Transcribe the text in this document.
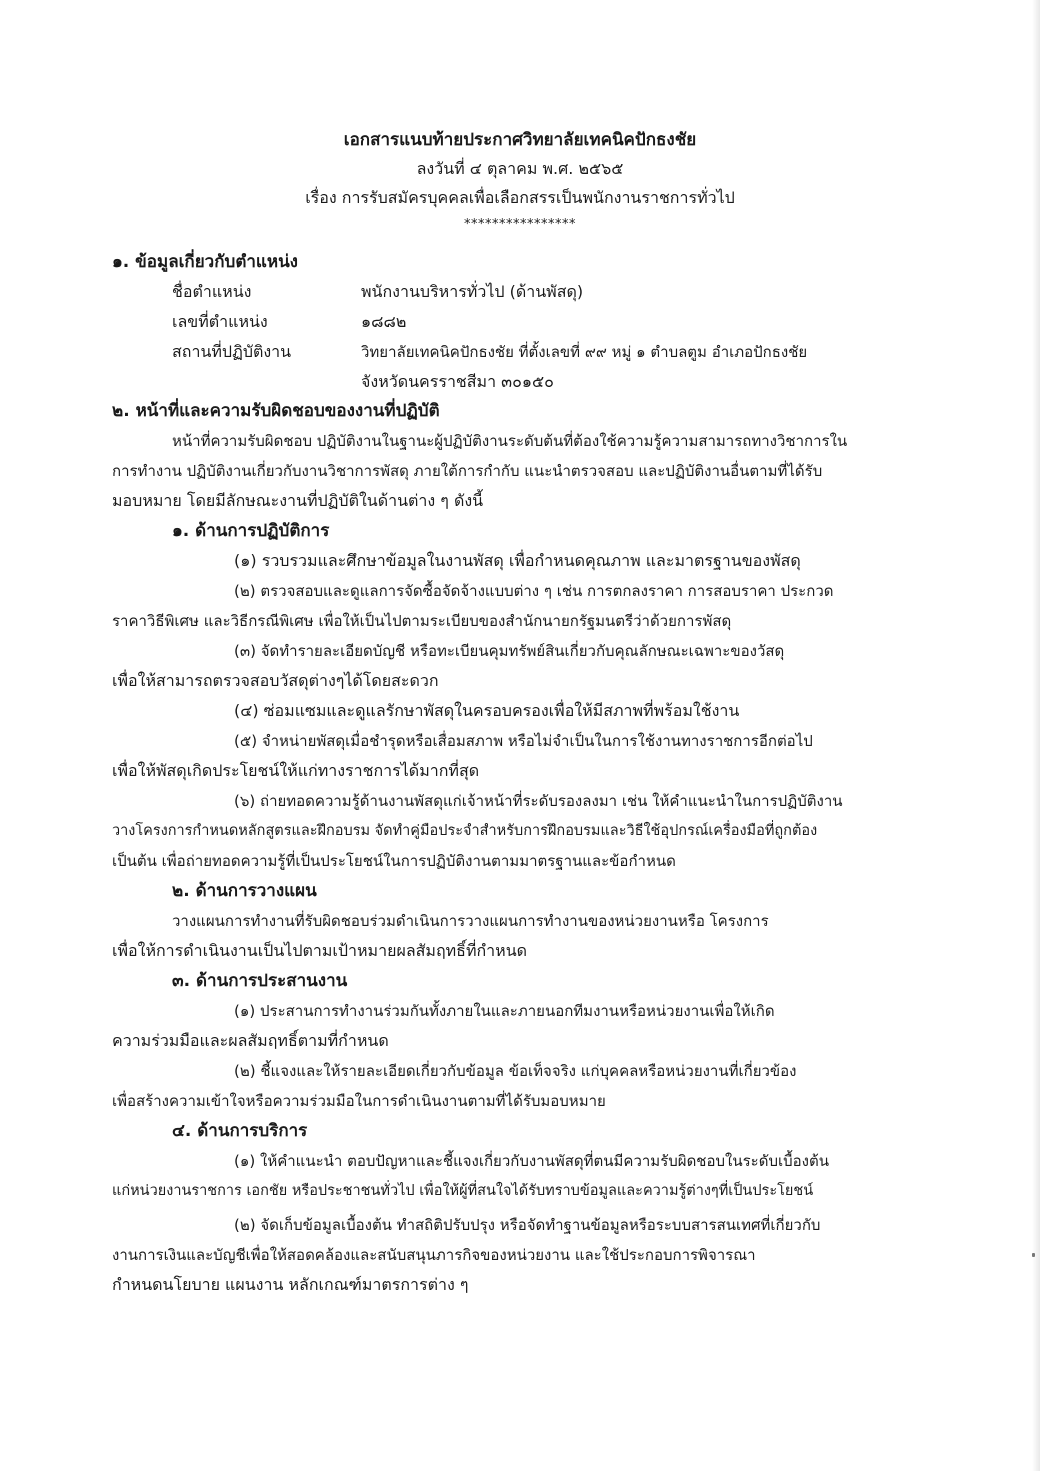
เอกสารแนบท้ายประกาศวิทยาลัยเทคนิคปักธงชัย
ลงวันที่ ๔ ตุลาคม พ.ศ. ๒๕๖๕
เรื่อง การรับสมัครบุคคลเพื่อเลือกสรรเป็นพนักงานราชการทั่วไป
****************
๑. ข้อมูลเกี่ยวกับตำแหน่ง
ชื่อตำแหน่ง	พนักงานบริหารทั่วไป (ด้านพัสดุ)
เลขที่ตำแหน่ง	๑๘๘๒
สถานที่ปฏิบัติงาน	วิทยาลัยเทคนิคปักธงชัย ที่ตั้งเลขที่ ๙๙ หมู่ ๑ ตำบลตูม อำเภอปักธงชัย
จังหวัดนครราชสีมา ๓๐๑๕๐
๒. หน้าที่และความรับผิดชอบของงานที่ปฏิบัติ
หน้าที่ความรับผิดชอบ ปฏิบัติงานในฐานะผู้ปฏิบัติงานระดับต้นที่ต้องใช้ความรู้ความสามารถทางวิชาการใน
การทำงาน ปฏิบัติงานเกี่ยวกับงานวิชาการพัสดุ ภายใต้การกำกับ แนะนำตรวจสอบ และปฏิบัติงานอื่นตามที่ได้รับ
มอบหมาย โดยมีลักษณะงานที่ปฏิบัติในด้านต่าง ๆ ดังนี้
๑. ด้านการปฏิบัติการ
(๑) รวบรวมและศึกษาข้อมูลในงานพัสดุ เพื่อกำหนดคุณภาพ และมาตรฐานของพัสดุ
(๒) ตรวจสอบและดูแลการจัดซื้อจัดจ้างแบบต่าง ๆ เช่น การตกลงราคา การสอบราคา ประกวด
ราคาวิธีพิเศษ และวิธีกรณีพิเศษ เพื่อให้เป็นไปตามระเบียบของสำนักนายกรัฐมนตรีว่าด้วยการพัสดุ
(๓) จัดทำรายละเอียดบัญชี หรือทะเบียนคุมทรัพย์สินเกี่ยวกับคุณลักษณะเฉพาะของวัสดุ
เพื่อให้สามารถตรวจสอบวัสดุต่างๆได้โดยสะดวก
(๔) ซ่อมแซมและดูแลรักษาพัสดุในครอบครองเพื่อให้มีสภาพที่พร้อมใช้งาน
(๕) จำหน่ายพัสดุเมื่อชำรุดหรือเสื่อมสภาพ หรือไม่จำเป็นในการใช้งานทางราชการอีกต่อไป
เพื่อให้พัสดุเกิดประโยชน์ให้แก่ทางราชการได้มากที่สุด
(๖) ถ่ายทอดความรู้ด้านงานพัสดุแก่เจ้าหน้าที่ระดับรองลงมา เช่น ให้คำแนะนำในการปฏิบัติงาน
วางโครงการกำหนดหลักสูตรและฝึกอบรม จัดทำคู่มือประจำสำหรับการฝึกอบรมและวิธีใช้อุปกรณ์เครื่องมือที่ถูกต้อง
เป็นต้น เพื่อถ่ายทอดความรู้ที่เป็นประโยชน์ในการปฏิบัติงานตามมาตรฐานและข้อกำหนด
๒. ด้านการวางแผน
วางแผนการทำงานที่รับผิดชอบร่วมดำเนินการวางแผนการทำงานของหน่วยงานหรือ โครงการ
เพื่อให้การดำเนินงานเป็นไปตามเป้าหมายผลสัมฤทธิ์ที่กำหนด
๓. ด้านการประสานงาน
(๑) ประสานการทำงานร่วมกันทั้งภายในและภายนอกทีมงานหรือหน่วยงานเพื่อให้เกิด
ความร่วมมือและผลสัมฤทธิ์ตามที่กำหนด
(๒) ชี้แจงและให้รายละเอียดเกี่ยวกับข้อมูล ข้อเท็จจริง แก่บุคคลหรือหน่วยงานที่เกี่ยวข้อง
เพื่อสร้างความเข้าใจหรือความร่วมมือในการดำเนินงานตามที่ได้รับมอบหมาย
๔. ด้านการบริการ
(๑) ให้คำแนะนำ ตอบปัญหาและชี้แจงเกี่ยวกับงานพัสดุที่ตนมีความรับผิดชอบในระดับเบื้องต้น
แก่หน่วยงานราชการ เอกชัย หรือประชาชนทั่วไป เพื่อให้ผู้ที่สนใจได้รับทราบข้อมูลและความรู้ต่างๆที่เป็นประโยชน์
(๒) จัดเก็บข้อมูลเบื้องต้น ทำสถิติปรับปรุง หรือจัดทำฐานข้อมูลหรือระบบสารสนเทศที่เกี่ยวกับ
งานการเงินและบัญชีเพื่อให้สอดคล้องและสนับสนุนภารกิจของหน่วยงาน และใช้ประกอบการพิจารณา
กำหนดนโยบาย แผนงาน หลักเกณฑ์มาตรการต่าง ๆ
